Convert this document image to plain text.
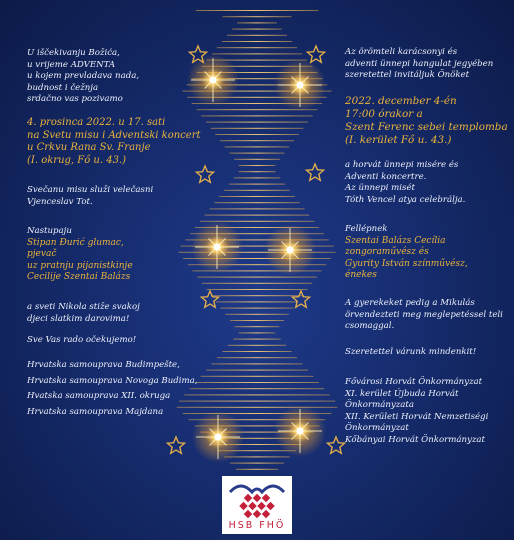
U iščekivanju Božića,
u vrijeme ADVENTA
u kojem prevladava nada,
budnost i čežnja
srdačno vas pozivamo

4. prosinca 2022. u 17. sati
na Svetu misu i Adventski koncert
u Crkvu Rana Sv. Franje
(I. okrug, Fő u. 43.)

Svečanu misu služi velečasni
Vjenceslav Tot.

Nastupaju
Stipan Đurić glumac,
pjevač
uz pratnju pijanistkinje
Cecilije Szentai Balázs

a sveti Nikola stiže svakoj
djeci slatkim darovima!

Sve Vas rado očekujemo!

Hrvatska samouprava Budimpešte,
Hrvatska samouprava Novoga Budima,
Hvatska samouprava XII. okruga
Hrvatska samouprava Majdana

Az örömteli karácsonyi és
adventi ünnepi hangulat jegyében
szeretettel invitáljuk Önöket

2022. december 4-én
17:00 órakor a
Szent Ferenc sebei templomba
(I. kerület Fő u. 43.)

a horvát ünnepi misére és
Adventi koncertre.
Az ünnepi misét
Tóth Vencel atya celebrálja.

Fellépnek
Szentai Balázs Cecília
zongoraművész és
Gyurity István színművész,
énekes

A gyerekeket pedig a Mikulás
örvendezteti meg meglepetéssel teli
csomaggal.

Szeretettel várunk mindenkit!

Fővárosi Horvát Önkormányzat
XI. kerület Újbuda Horvát
Önkormányzata
XII. Kerületi Horvát Nemzetiségi
Önkormányzat
Kőbányai Horvát Önkormányzat

HSB FHÖ
